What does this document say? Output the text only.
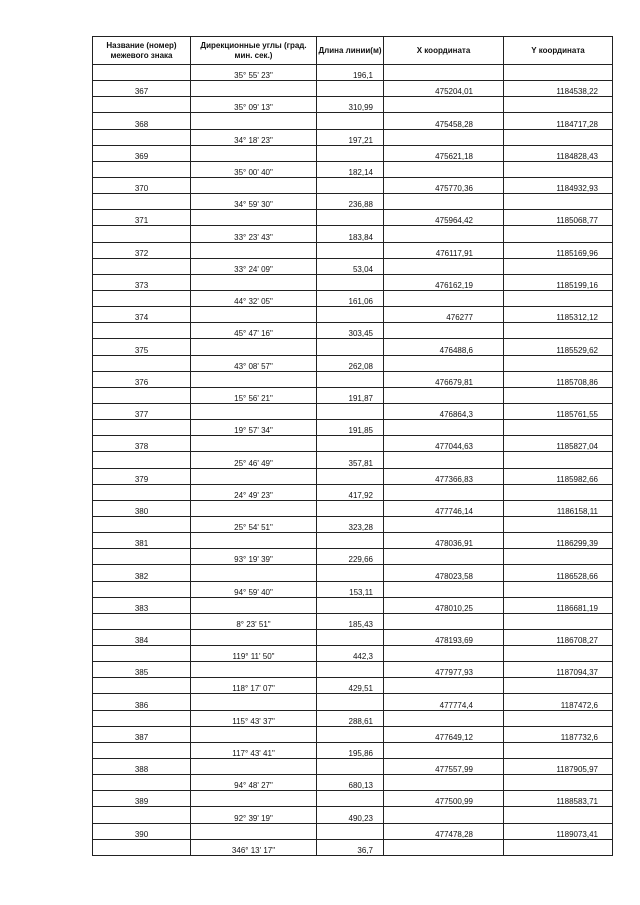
Название (номер) межевого знака	Дирекционные углы (град. мин. сек.)	Длина линии(м)	X координата	Y координата
	35° 55' 23"	196,1		
367			475204,01	1184538,22
	35° 09' 13"	310,99		
368			475458,28	1184717,28
	34° 18' 23"	197,21		
369			475621,18	1184828,43
	35° 00' 40"	182,14		
370			475770,36	1184932,93
	34° 59' 30"	236,88		
371			475964,42	1185068,77
	33° 23' 43"	183,84		
372			476117,91	1185169,96
	33° 24' 09"	53,04		
373			476162,19	1185199,16
	44° 32' 05"	161,06		
374			476277	1185312,12
	45° 47' 16"	303,45		
375			476488,6	1185529,62
	43° 08' 57"	262,08		
376			476679,81	1185708,86
	15° 56' 21"	191,87		
377			476864,3	1185761,55
	19° 57' 34"	191,85		
378			477044,63	1185827,04
	25° 46' 49"	357,81		
379			477366,83	1185982,66
	24° 49' 23"	417,92		
380			477746,14	1186158,11
	25° 54' 51"	323,28		
381			478036,91	1186299,39
	93° 19' 39"	229,66		
382			478023,58	1186528,66
	94° 59' 40"	153,11		
383			478010,25	1186681,19
	8° 23' 51"	185,43		
384			478193,69	1186708,27
	119° 11' 50"	442,3		
385			477977,93	1187094,37
	118° 17' 07"	429,51		
386			477774,4	1187472,6
	115° 43' 37"	288,61		
387			477649,12	1187732,6
	117° 43' 41"	195,86		
388			477557,99	1187905,97
	94° 48' 27"	680,13		
389			477500,99	1188583,71
	92° 39' 19"	490,23		
390			477478,28	1189073,41
	346° 13' 17"	36,7		
